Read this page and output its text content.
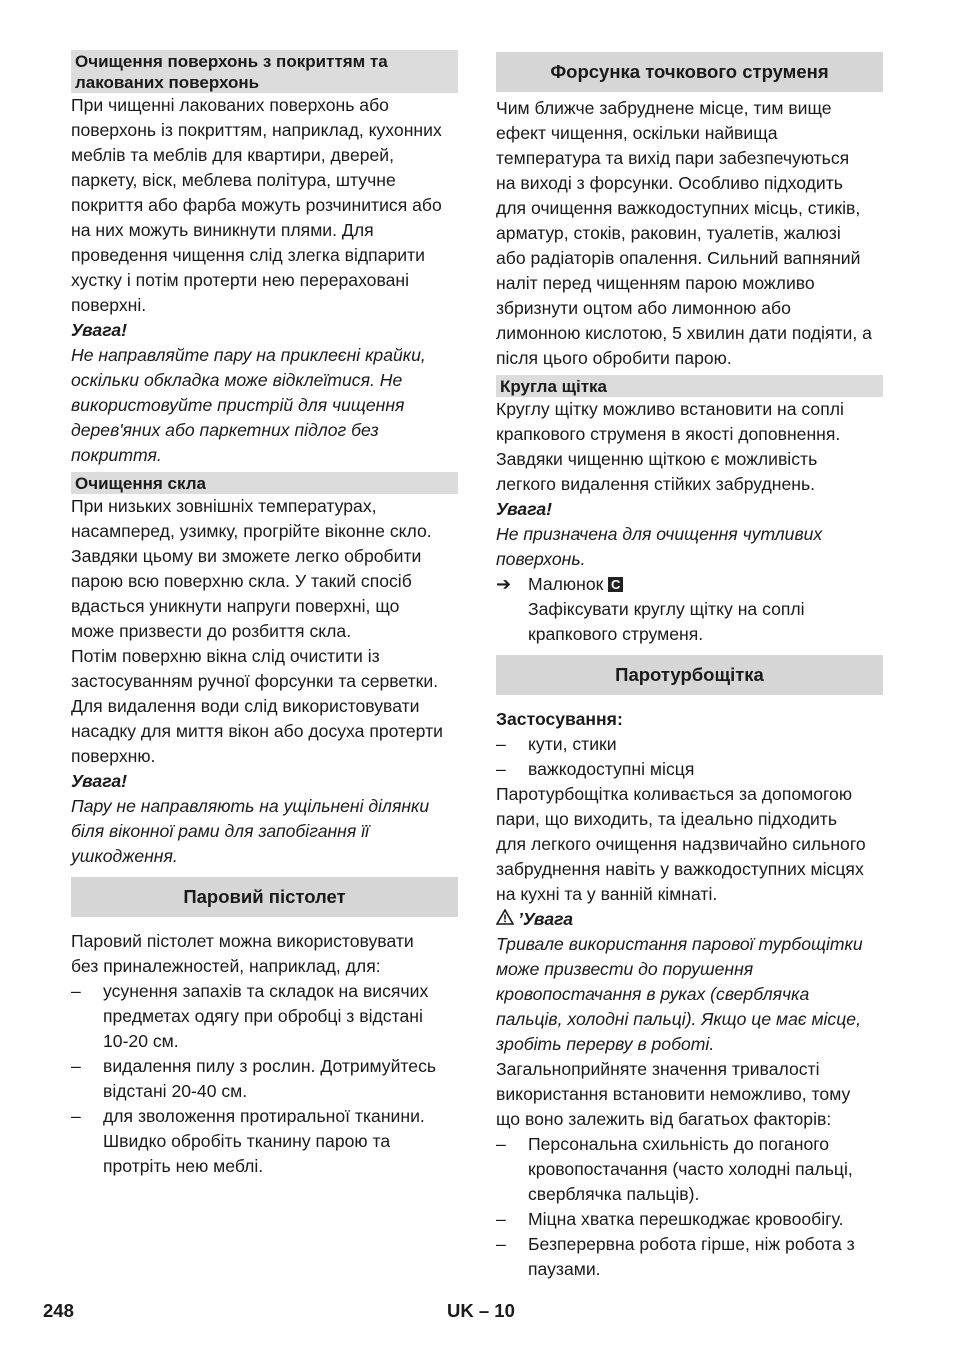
Очищення поверхонь з покриттям та лакованих поверхонь

При чищенні лакованих поверхонь або

поверхонь із покриттям, наприклад, кухонних

меблів та меблів для квартири, дверей,

паркету, віск, меблева політура, штучне

покриття або фарба можуть розчинитися або

на них можуть виникнути плями. Для

проведення чищення слід злегка відпарити

хустку і потім протерти нею перераховані

поверхні.

Увага!

Не направляйте пару на приклеєні крайки,

оскільки обкладка може відклеїтися. Не

використовуйте пристрій для чищення

дерев'яних або паркетних підлог без

покриття.

Очищення скла

При низьких зовнішніх температурах,

насамперед, узимку, прогрійте віконне скло.

Завдяки цьому ви зможете легко обробити

парою всю поверхню скла. У такий спосіб

вдасться уникнути напруги поверхні, що

може призвести до розбиття скла.

Потім поверхню вікна слід очистити із

застосуванням ручної форсунки та серветки.

Для видалення води слід використовувати

насадку для миття вікон або досуха протерти

поверхню.

Увага!

Пару не направляють на ущільнені ділянки

біля віконної рами для запобігання її

ушкодження.

Паровий пістолет

Паровий пістолет можна використовувати

без приналежностей, наприклад, для:

– усунення запахів та складок на висячих

предметах одягу при обробці з відстані

10-20 см.

– видалення пилу з рослин. Дотримуйтесь

відстані 20-40 см.

– для зволоження протиральної тканини.

Швидко обробіть тканину парою та

протріть нею меблі.

Форсунка точкового струменя

Чим ближче забруднене місце, тим вище

ефект чищення, оскільки найвища

температура та вихід пари забезпечуються

на виході з форсунки. Особливо підходить

для очищення важкодоступних місць, стиків,

арматур, стоків, раковин, туалетів, жалюзі

або радіаторів опалення. Сильний вапняний

наліт перед чищенням парою можливо

збризнути оцтом або лимонною або

лимонною кислотою, 5 хвилин дати подіяти, а

після цього обробити парою.

Кругла щітка

Круглу щітку можливо встановити на соплі

крапкового струменя в якості доповнення.

Завдяки чищенню щіткою є можливість

легкого видалення стійких забруднень.

Увага!

Не призначена для очищення чутливих

поверхонь.

➔ Малюнок C

Зафіксувати круглу щітку на соплі

крапкового струменя.

Паротурбощітка

Застосування:

– кути, стики

– важкодоступні місця

Паротурбощітка коливається за допомогою

пари, що виходить, та ідеально підходить

для легкого очищення надзвичайно сильного

забруднення навіть у важкодоступних місцях

на кухні та у ванній кімнаті.

’Увага

Тривале використання парової турбощітки

може призвести до порушення

кровопостачання в руках (сверблячка

пальців, холодні пальці). Якщо це має місце,

зробіть перерву в роботі.

Загальноприйняте значення тривалості

використання встановити неможливо, тому

що воно залежить від багатьох факторів:

– Персональна схильність до поганого

кровопостачання (часто холодні пальці,

сверблячка пальців).

– Міцна хватка перешкоджає кровообігу.

– Безперервна робота гірше, ніж робота з

паузами.

248	UK – 10
